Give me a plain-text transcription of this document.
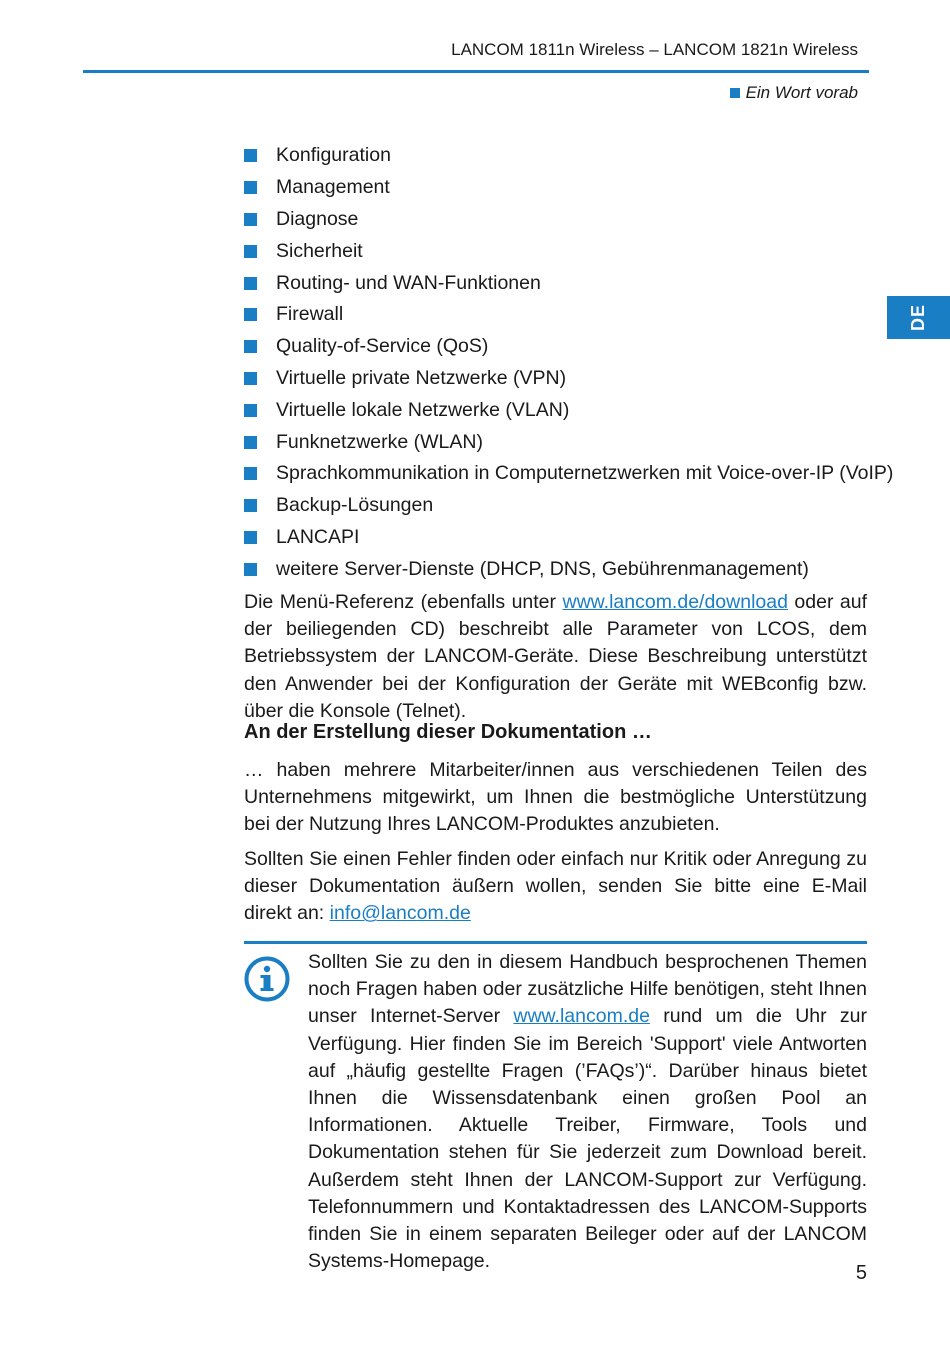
LANCOM 1811n Wireless – LANCOM 1821n Wireless
Ein Wort vorab
DE
Konfiguration
Management
Diagnose
Sicherheit
Routing- und WAN-Funktionen
Firewall
Quality-of-Service (QoS)
Virtuelle private Netzwerke (VPN)
Virtuelle lokale Netzwerke (VLAN)
Funknetzwerke (WLAN)
Sprachkommunikation in Computernetzwerken mit Voice-over-IP (VoIP)
Backup-Lösungen
LANCAPI
weitere Server-Dienste (DHCP, DNS, Gebührenmanagement)

Die Menü-Referenz (ebenfalls unter www.lancom.de/download oder auf der beiliegenden CD) beschreibt alle Parameter von LCOS, dem Betriebssystem der LANCOM-Geräte. Diese Beschreibung unterstützt den Anwender bei der Konfiguration der Geräte mit WEBconfig bzw. über die Konsole (Telnet).

An der Erstellung dieser Dokumentation …

… haben mehrere Mitarbeiter/innen aus verschiedenen Teilen des Unternehmens mitgewirkt, um Ihnen die bestmögliche Unterstützung bei der Nutzung Ihres LANCOM-Produktes anzubieten.

Sollten Sie einen Fehler finden oder einfach nur Kritik oder Anregung zu dieser Dokumentation äußern wollen, senden Sie bitte eine E-Mail direkt an: info@lancom.de

Sollten Sie zu den in diesem Handbuch besprochenen Themen noch Fragen haben oder zusätzliche Hilfe benötigen, steht Ihnen unser Internet-Server www.lancom.de rund um die Uhr zur Verfügung. Hier finden Sie im Bereich 'Support' viele Antworten auf „häufig gestellte Fragen (’FAQs’)“. Darüber hinaus bietet Ihnen die Wissensdatenbank einen großen Pool an Informationen. Aktuelle Treiber, Firmware, Tools und Dokumentation stehen für Sie jederzeit zum Download bereit. Außerdem steht Ihnen der LANCOM-Support zur Verfügung. Telefonnummern und Kontaktadressen des LANCOM-Supports finden Sie in einem separaten Beileger oder auf der LANCOM Systems-Homepage.

5
